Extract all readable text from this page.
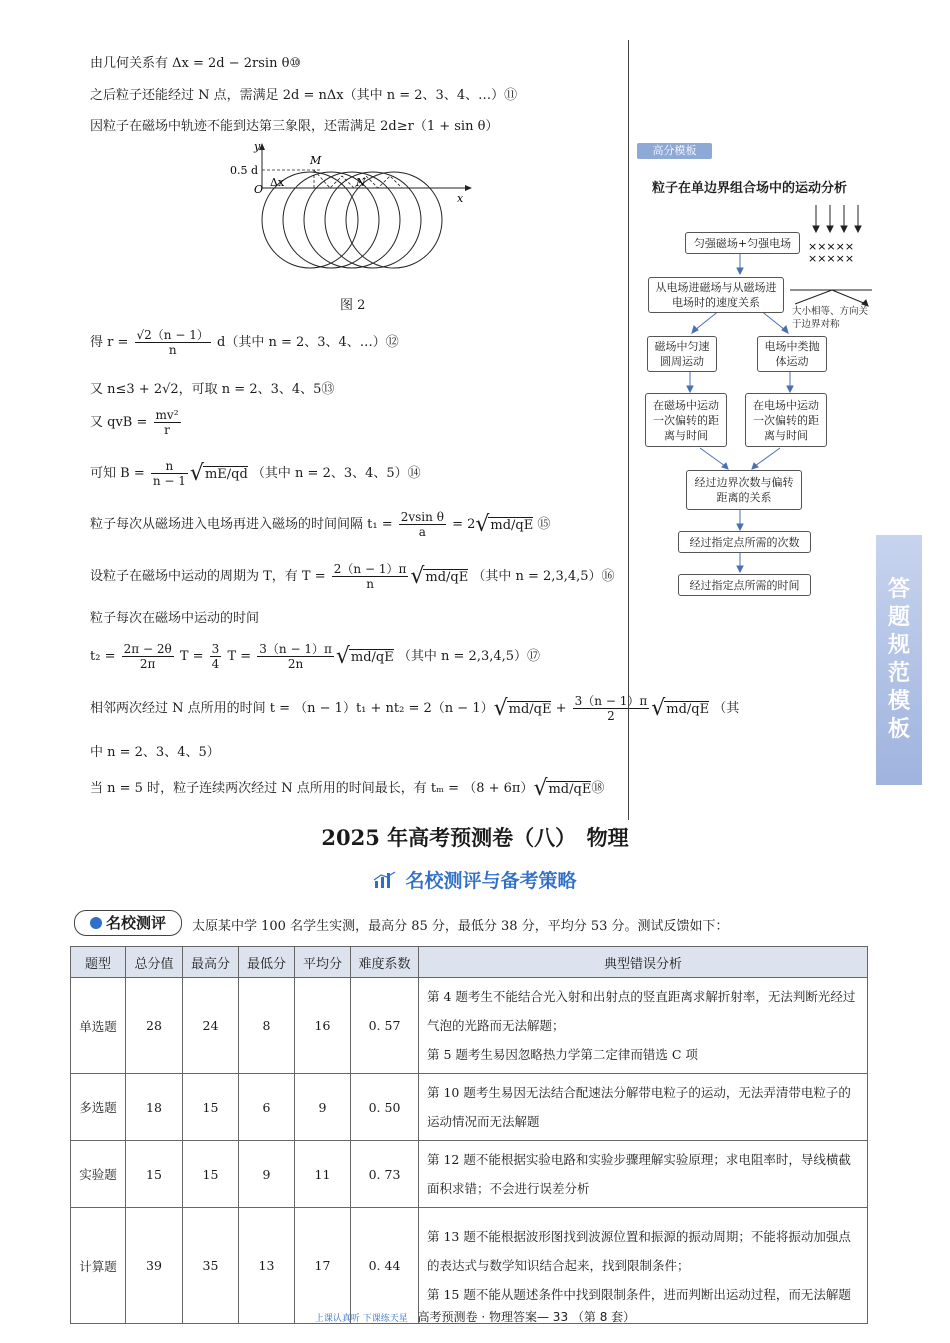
由几何关系有 Δx = 2d − 2rsin θ⑩
之后粒子还能经过 N 点，需满足 2d = nΔx（其中 n = 2、3、4、…）⑪
因粒子在磁场中轨迹不能到达第三象限，还需满足 2d≥r（1 + sin θ）
0.5 d
y
x
O
Δx
M
N
图 2
得 $r = \frac{√2(n - 1)}{n} d$（其中 n = 2、3、4、…）⑫
又 n≤3 + 2√2，可取 n = 2、3、4、5⑬
又 qvB = $\frac{\text{mv²}}{r}$
可知 $B = \frac{n}{n - 1} √mE/qd$ （其中 n = 2、3、4、5）⑭
粒子每次从磁场进入电场再进入磁场的时间间隔 $t_1 = \frac{\text{2vsin θ}}{a} = 2√md/qE$ ⑮
设粒子在磁场中运动的周期为 T，有 $T = \frac{2(n - 1)\pi}{n} √md/qE$ （其中 n = 2,3,4,5）⑯
粒子每次在磁场中运动的时间
$t_2 = \frac{2\pi - 2\theta}{2\pi}$ $T = \frac{3}{4}$ $T = \frac{3(n - 1)\pi}{2n} √md/qE$ （其中 n = 2,3,4,5）⑰
相邻两次经过 N 点所用的时间 $t = (n - 1)t_1 + nt_2 = 2(n - 1)√md/qE + \frac{3(n - 1)\pi}{2} √md/qE$ （其
中 n = 2、3、4、5）
当 n = 5 时，粒子连续两次经过 N 点所用的时间最长，有 tₘ = （8 + 6π）√md/qE⑱
高分模板
粒子在单边界组合场中的运动分析
×××××
×××××
匀强磁场+匀强电场
从电场进磁场与从磁场进电场时的速度关系
大小相等、方向关于边界对称
磁场中匀速圆周运动
电场中类抛体运动
在磁场中运动一次偏转的距离与时间
在电场中运动一次偏转的距离与时间
经过边界次数与偏转距离的关系
经过指定点所需的次数
经过指定点所需的时间	答
题
规
范
模
板
2025 年高考预测卷（八）　物理
名校测评与备考策略
名校测评	太原某中学 100 名学生实测，最高分 85 分，最低分 38 分，平均分 53 分。测试反馈如下：
题型	总分值	最高分	最低分	平均分	难度系数	典型错误分析
单选题	28	24	8	16	0. 57	第 4 题考生不能结合光入射和出射点的竖直距离求解折射率，无法判断光经过气泡的光路而无法解题；
第 5 题考生易因忽略热力学第二定律而错选 C 项

多选题	18	15	6	9	0. 50	第 10 题考生易因无法结合配速法分解带电粒子的运动，无法弄清带电粒子的运动情况而无法解题

实验题	15	15	9	11	0. 73	第 12 题不能根据实验电路和实验步骤理解实验原理；求电阻率时，导线横截面积求错；不会进行误差分析

计算题	39	35	13	17	0. 44	第 13 题不能根据波形图找到波源位置和振源的振动周期；不能将振动加强点的表达式与数学知识结合起来，找到限制条件；
第 15 题不能从题述条件中找到限制条件，进而判断出运动过程，而无法解题
上课认真听 下课练天星 高考预测卷 · 物理答案— 33 （第 8 套）
